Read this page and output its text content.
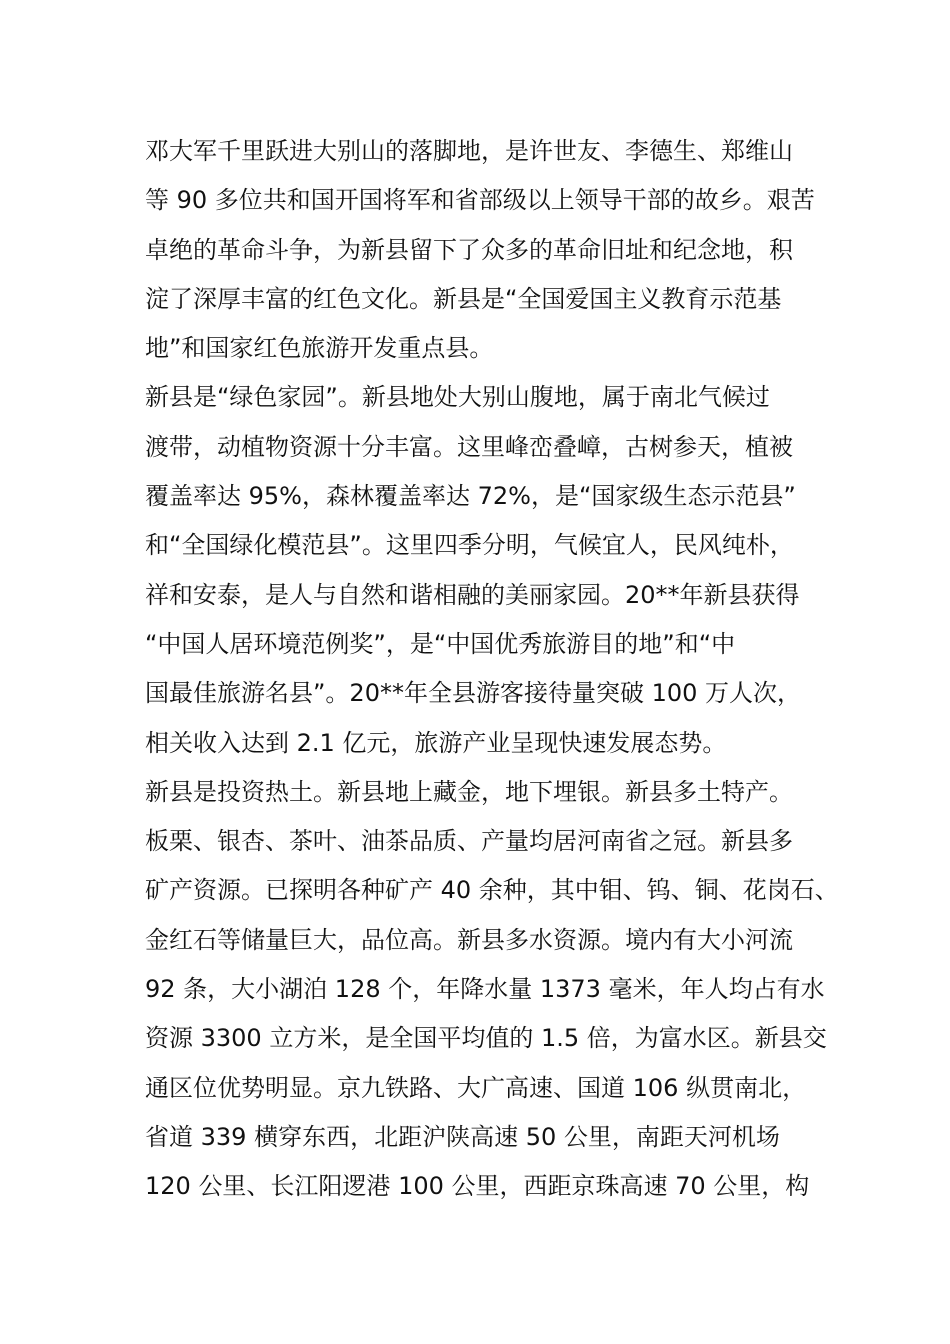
邓大军千里跃进大别山的落脚地，是许世友、李德生、郑维山
等 90 多位共和国开国将军和省部级以上领导干部的故乡。艰苦
卓绝的革命斗争，为新县留下了众多的革命旧址和纪念地，积
淀了深厚丰富的红色文化。新县是“全国爱国主义教育示范基
地”和国家红色旅游开发重点县。
新县是“绿色家园”。新县地处大别山腹地，属于南北气候过
渡带，动植物资源十分丰富。这里峰峦叠嶂，古树参天，植被
覆盖率达 95%，森林覆盖率达 72%，是“国家级生态示范县”
和“全国绿化模范县”。这里四季分明，气候宜人，民风纯朴，
祥和安泰，是人与自然和谐相融的美丽家园。20**年新县获得
“中国人居环境范例奖”，是“中国优秀旅游目的地”和“中
国最佳旅游名县”。20**年全县游客接待量突破 100 万人次，
相关收入达到 2.1 亿元，旅游产业呈现快速发展态势。
新县是投资热土。新县地上藏金，地下埋银。新县多土特产。
板栗、银杏、茶叶、油茶品质、产量均居河南省之冠。新县多
矿产资源。已探明各种矿产 40 余种，其中钼、钨、铜、花岗石、
金红石等储量巨大，品位高。新县多水资源。境内有大小河流
92 条，大小湖泊 128 个，年降水量 1373 毫米，年人均占有水
资源 3300 立方米，是全国平均值的 1.5 倍，为富水区。新县交
通区位优势明显。京九铁路、大广高速、国道 106 纵贯南北，
省道 339 横穿东西，北距沪陕高速 50 公里，南距天河机场
120 公里、长江阳逻港 100 公里，西距京珠高速 70 公里，构
